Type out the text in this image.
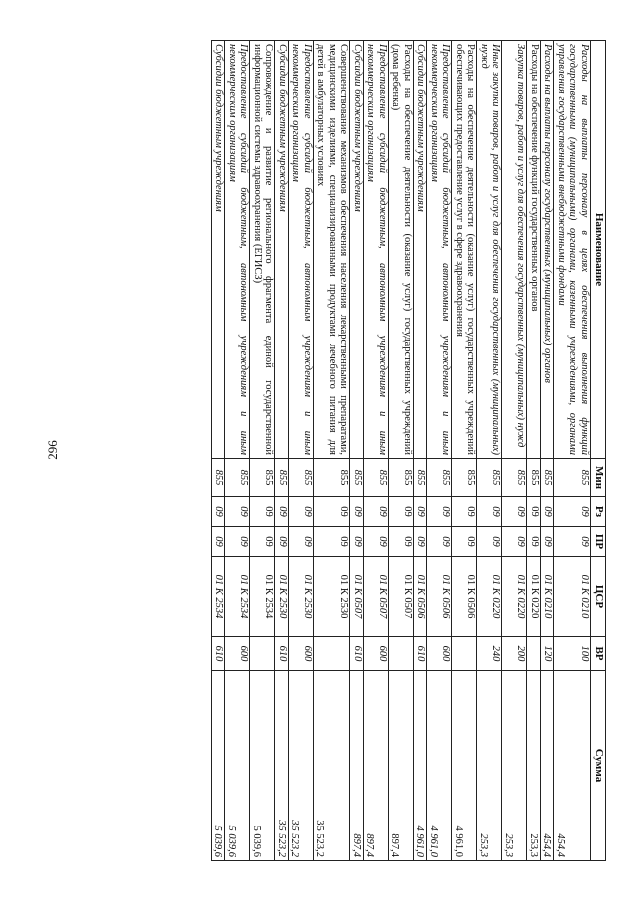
296
Наименование	Мин	Рз	ПР	ЦСР	ВР	Сумма
Расходы на выплаты персоналу в целях обеспечения выполнения функций государственными (муниципальными) органами, казенными учреждениями, органами управления государственными внебюджетными фондами	855	09	09	01 К 0210	100	454,4
Расходы на выплаты персоналу государственных (муниципальных) органов	855	09	09	01 К 0210	120	454,4
Расходы на обеспечение функций государственных органов	855	09	09	01 К 0220		253,3
Закупка товаров, работ и услуг для обеспечения государственных (муниципальных) нужд	855	09	09	01 К 0220	200	253,3
Иные закупки товаров, работ и услуг для обеспечения государственных (муниципальных) нужд	855	09	09	01 К 0220	240	253,3
Расходы на обеспечение деятельности (оказание услуг) государственных учреждений обеспечивающих предоставление услуг в сфере здравоохранения	855	09	09	01 К 0506		4 961,0
Предоставление субсидий бюджетным, автономным учреждениям и иным некоммерческим организациям	855	09	09	01 К 0506	600	4 961,0
Субсидии бюджетным учреждениям	855	09	09	01 К 0506	610	4 961,0
Расходы на обеспечение деятельности (оказание услуг) государственных учреждений (дома ребенка)	855	09	09	01 К 0507		897,4
Предоставление субсидий бюджетным, автономным учреждениям и иным некоммерческим организациям	855	09	09	01 К 0507	600	897,4
Субсидии бюджетным учреждениям	855	09	09	01 К 0507	610	897,4
Совершенствование механизмов обеспечения населения лекарственными препаратами, медицинскими изделиями, специализированными продуктами лечебного питания для детей в амбулаторных условиях	855	09	09	01 К 2530		35 523,2
Предоставление субсидий бюджетным, автономным учреждениям и иным некоммерческим организациям	855	09	09	01 К 2530	600	35 523,2
Субсидии бюджетным учреждениям	855	09	09	01 К 2530	610	35 523,2
Сопровождение и развитие регионального фрагмента единой государственной информационной системы здравоохранения (ЕГИСЗ)	855	09	09	01 К 2534		5 039,6
Предоставление субсидий бюджетным, автономным учреждениям и иным некоммерческим организациям	855	09	09	01 К 2534	600	5 039,6
Субсидии бюджетным учреждениям	855	09	09	01 К 2534	610	5 039,6
